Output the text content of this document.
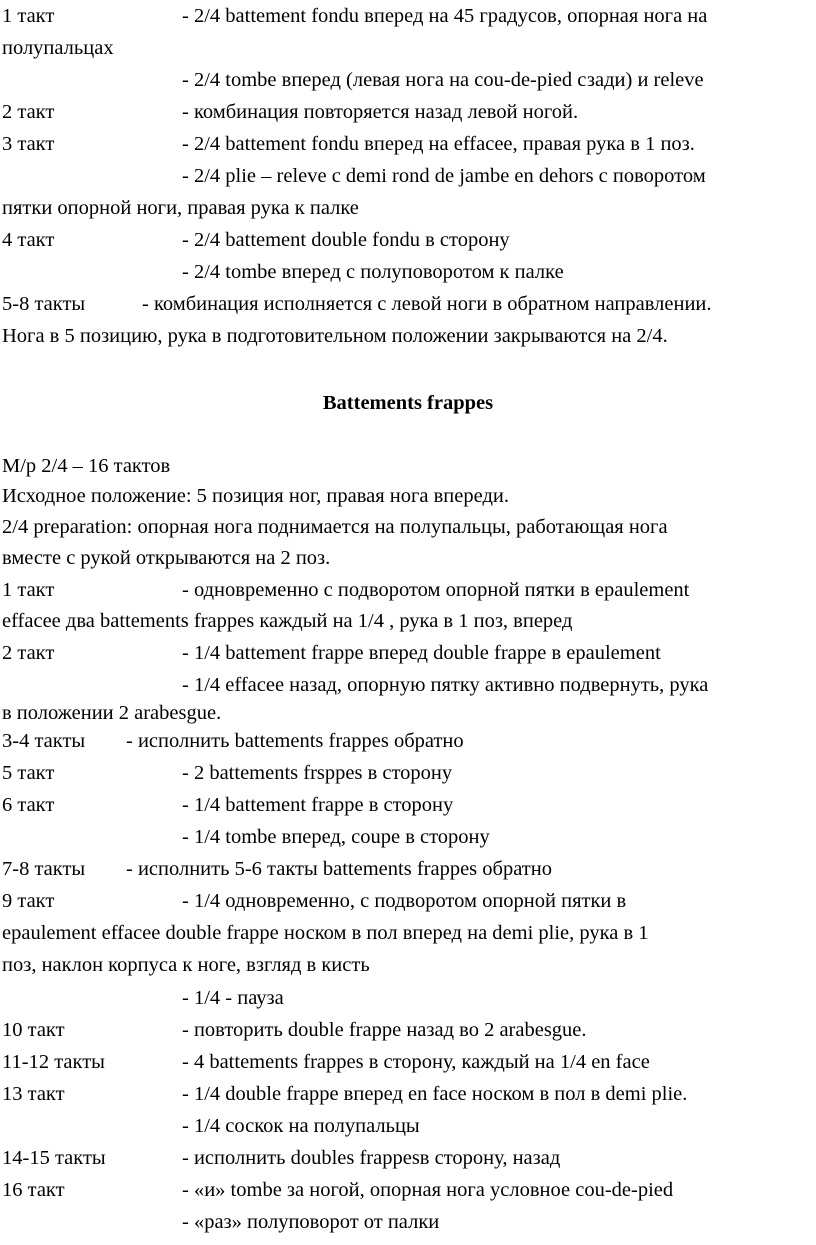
1 такт	- 2/4 battement fondu вперед на 45 градусов, опорная нога на
полупальцах
- 2/4 tombe вперед (левая нога на cou-de-pied сзади) и releve
2 такт	- комбинация повторяется назад левой ногой.
3 такт	- 2/4 battement fondu вперед на effacee, правая рука в 1 поз.
- 2/4 plie – releve с demi rond de jambe en dehors с поворотом
пятки опорной ноги, правая рука к палке
4 такт	- 2/4 battement double fondu в сторону
- 2/4 tombe вперед с полуповоротом к палке
5-8 такты	- комбинация исполняется с левой ноги в обратном направлении.
Нога в 5 позицию, рука в подготовительном положении закрываются на 2/4.
Battements frappes
М/р 2/4 – 16 тактов
Исходное положение: 5 позиция ног, правая нога впереди.
2/4 preparation: опорная нога поднимается на полупальцы, работающая нога
вместе с рукой открываются на 2 поз.
1 такт	- одновременно с подворотом опорной пятки в epaulement
effacee два battements frappes каждый на 1/4 , рука в 1 поз, вперед
2 такт	- 1/4 battement frappe вперед double frappe в epaulement
- 1/4 effacee назад, опорную пятку активно подвернуть, рука
в положении 2 arabesgue.
3-4 такты - исполнить battements frappes обратно
5 такт	- 2 battements frsppes в сторону
6 такт	- 1/4 battement frappe в сторону
- 1/4 tombe вперед, coupe в сторону
7-8 такты - исполнить 5-6 такты battements frappes обратно
9 такт	- 1/4 одновременно, с подворотом опорной пятки в
epaulement effacee double frappe носком в пол вперед на demi plie, рука в 1
поз, наклон корпуса к ноге, взгляд в кисть
- 1/4 - пауза
10 такт	- повторить double frappe назад во 2 arabesgue.
11-12 такты	- 4 battements frappes в сторону, каждый на 1/4 en face
13 такт	- 1/4 double frappe вперед en face носком в пол в demi plie.
- 1/4 соскок на полупальцы
14-15 такты	- исполнить doubles frappesв сторону, назад
16 такт	- «и» tombe за ногой, опорная нога условное cou-de-pied
- «раз» полуповорот от палки
